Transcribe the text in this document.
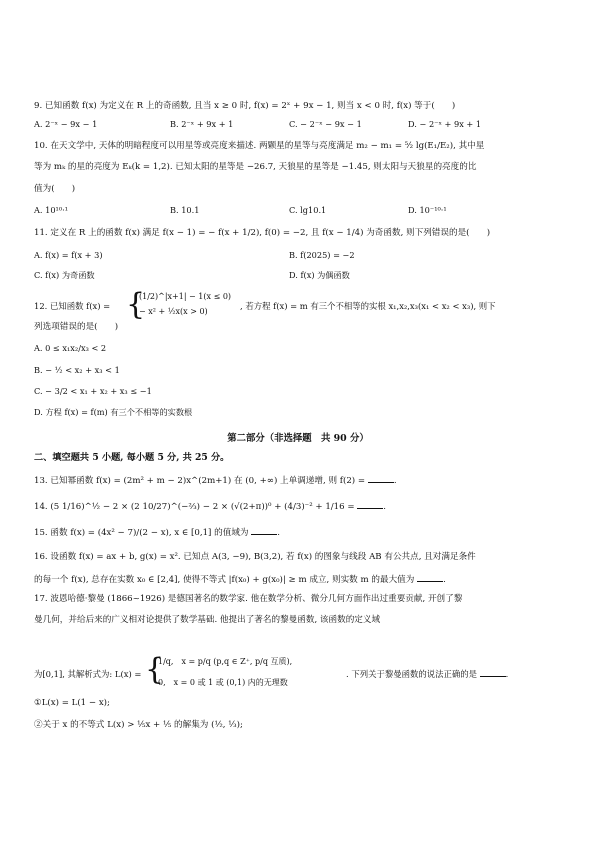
9. 已知函数 f(x) 为定义在 R 上的奇函数, 且当 x ≥ 0 时, f(x) = 2ˣ + 9x − 1, 则当 x < 0 时, f(x) 等于(　　)
A. 2⁻ˣ − 9x − 1	B. 2⁻ˣ + 9x + 1	C. − 2⁻ˣ − 9x − 1	D. − 2⁻ˣ + 9x + 1
10. 在天文学中, 天体的明暗程度可以用星等或亮度来描述. 两颗星的星等与亮度满足 m₂ − m₁ = ⁵⁄₂ lg(E₁/E₂), 其中星
等为 mₖ 的星的亮度为 Eₖ(k = 1,2). 已知太阳的星等是 −26.7, 天狼星的星等是 −1.45, 则太阳与天狼星的亮度的比
值为(　　)
A. 10¹⁰·¹	B. 10.1	C. lg10.1	D. 10⁻¹⁰·¹
11. 定义在 R 上的函数 f(x) 满足 f(x − 1) = − f(x + 1/2), f(0) = −2, 且 f(x − 1/4) 为奇函数, 则下列错误的是(　　)
A. f(x) = f(x + 3)	B. f(2025) = −2
C. f(x) 为奇函数	D. f(x) 为偶函数
12. 已知函数 f(x) = {
(1/2)^|x+1| − 1(x ≤ 0)
− x² + ½x(x > 0)
, 若方程 f(x) = m 有三个不相等的实根 x₁,x₂,x₃(x₁ < x₂ < x₃), 则下
列选项错误的是(　　)
A. 0 ≤ x₁x₂/x₃ < 2
B. − ½ < x₂ + x₃ < 1
C. − 3/2 < x₁ + x₂ + x₃ ≤ −1
D. 方程 f(x) = f(m) 有三个不相等的实数根
第二部分（非选择题　共 90 分）
二、填空题共 5 小题, 每小题 5 分, 共 25 分。
13. 已知幂函数 f(x) = (2m² + m − 2)x^(2m+1) 在 (0, +∞) 上单调递增, 则 f(2) =	.
14. (5 1/16)^½ − 2 × (2 10/27)^(−⅔) − 2 × (√(2+π))⁰ + (4/3)⁻² + 1/16 =	.
15. 函数 f(x) = (4x² − 7)/(2 − x), x ∈ [0,1] 的值域为	.
16. 设函数 f(x) = ax + b, g(x) = x². 已知点 A(3, −9), B(3,2), 若 f(x) 的图象与线段 AB 有公共点, 且对满足条件
的每一个 f(x), 总存在实数 x₀ ∈ [2,4], 使得不等式 |f(x₀) + g(x₀)| ≥ m 成立, 则实数 m 的最大值为	.
17. 波恩哈德·黎曼 (1866~1926) 是德国著名的数学家. 他在数学分析、微分几何方面作出过重要贡献, 开创了黎
曼几何，并给后来的广义相对论提供了数学基础. 他提出了著名的黎曼函数, 该函数的定义域
为[0,1], 其解析式为: L(x) = {
1/q,　x = p/q (p,q ∈ Z⁺, p/q 互质),
0,　x = 0 或 1 或 (0,1) 内的无理数
. 下列关于黎曼函数的说法正确的是	.
①L(x) = L(1 − x);
②关于 x 的不等式 L(x) > ⅕x + ⅕ 的解集为 (½, ⅓);
